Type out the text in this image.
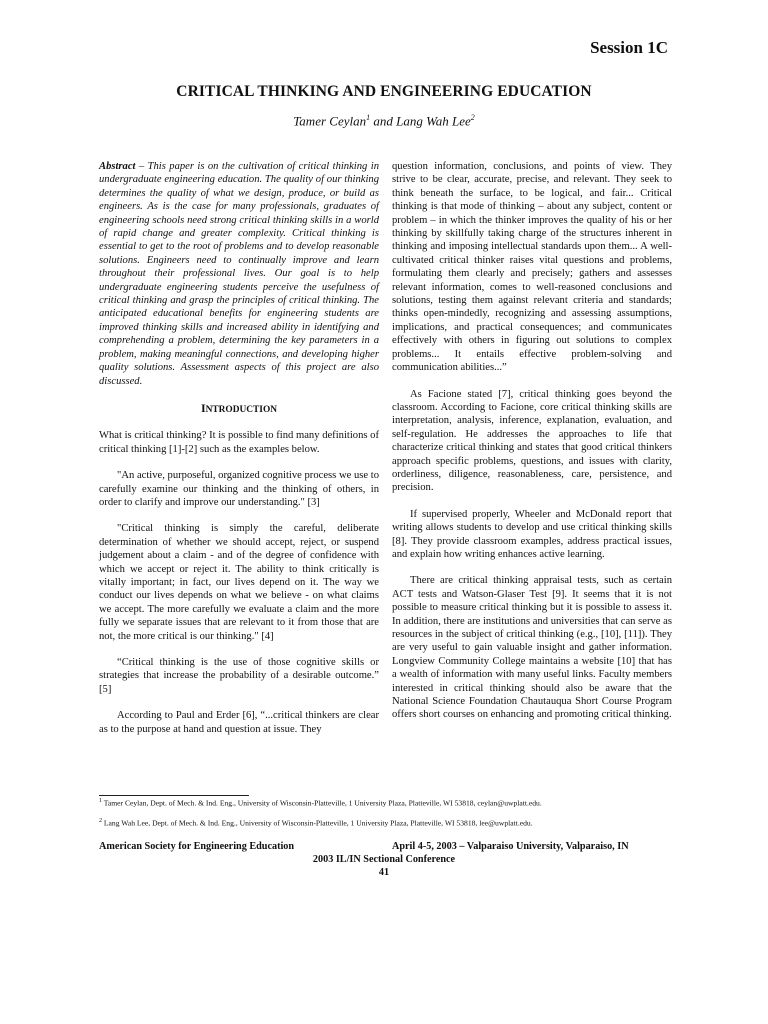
Session 1C
CRITICAL THINKING AND ENGINEERING EDUCATION
Tamer Ceylan$^1$ and Lang Wah Lee$^2$

Abstract – This paper is on the cultivation of critical thinking in undergraduate engineering education. The quality of our thinking determines the quality of what we design, produce, or build as engineers. As is the case for many professionals, graduates of engineering schools need strong critical thinking skills in a world of rapid change and greater complexity. Critical thinking is essential to get to the root of problems and to develop reasonable solutions. Engineers need to continually improve and learn throughout their professional lives. Our goal is to help undergraduate engineering students perceive the usefulness of critical thinking and grasp the principles of critical thinking. The anticipated educational benefits for engineering students are improved thinking skills and increased ability in identifying and comprehending a problem, determining the key parameters in a problem, making meaningful connections, and developing higher quality solutions. Assessment aspects of this project are also discussed.

INTRODUCTION

What is critical thinking? It is possible to find many definitions of critical thinking [1]-[2] such as the examples below.

"An active, purposeful, organized cognitive process we use to carefully examine our thinking and the thinking of others, in order to clarify and improve our understanding." [3]

"Critical thinking is simply the careful, deliberate determination of whether we should accept, reject, or suspend judgement about a claim - and of the degree of confidence with which we accept or reject it. The ability to think critically is vitally important; in fact, our lives depend on it. The way we conduct our lives depends on what we believe - on what claims we accept. The more carefully we evaluate a claim and the more fully we separate issues that are relevant to it from those that are not, the more critical is our thinking." [4]

“Critical thinking is the use of those cognitive skills or strategies that increase the probability of a desirable outcome.” [5]

According to Paul and Erder [6], “...critical thinkers are clear as to the purpose at hand and question at issue. They

question information, conclusions, and points of view. They strive to be clear, accurate, precise, and relevant. They seek to think beneath the surface, to be logical, and fair... Critical thinking is that mode of thinking – about any subject, content or problem – in which the thinker improves the quality of his or her thinking by skillfully taking charge of the structures inherent in thinking and imposing intellectual standards upon them... A well-cultivated critical thinker raises vital questions and problems, formulating them clearly and precisely; gathers and assesses relevant information, comes to well-reasoned conclusions and solutions, testing them against relevant criteria and standards; thinks open-mindedly, recognizing and assessing assumptions, implications, and practical consequences; and communicates effectively with others in figuring out solutions to complex problems... It entails effective problem-solving and communication abilities...”

As Facione stated [7], critical thinking goes beyond the classroom. According to Facione, core critical thinking skills are interpretation, analysis, inference, explanation, evaluation, and self-regulation. He addresses the approaches to life that characterize critical thinking and states that good critical thinkers approach specific problems, questions, and issues with clarity, orderliness, diligence, reasonableness, care, persistence, and precision.

If supervised properly, Wheeler and McDonald report that writing allows students to develop and use critical thinking skills [8]. They provide classroom examples, address practical issues, and explain how writing enhances active learning.

There are critical thinking appraisal tests, such as certain ACT tests and Watson-Glaser Test [9]. It seems that it is not possible to measure critical thinking but it is possible to assess it. In addition, there are institutions and universities that can serve as resources in the subject of critical thinking (e.g., [10], [11]). They are very useful to gain valuable insight and gather information. Longview Community College maintains a website [10] that has a wealth of information with many useful links. Faculty members interested in critical thinking should also be aware that the National Science Foundation Chautauqua Short Course Program offers short courses on enhancing and promoting critical thinking.

$^1$ Tamer Ceylan, Dept. of Mech. & Ind. Eng., University of Wisconsin-Platteville, 1 University Plaza, Platteville, WI 53818, ceylan@uwplatt.edu.
$^2$ Lang Wah Lee, Dept. of Mech. & Ind. Eng., University of Wisconsin-Platteville, 1 University Plaza, Platteville, WI 53818, lee@uwplatt.edu.
American Society for Engineering Education	April 4-5, 2003 – Valparaiso University, Valparaiso, IN
2003 IL/IN Sectional Conference
41
